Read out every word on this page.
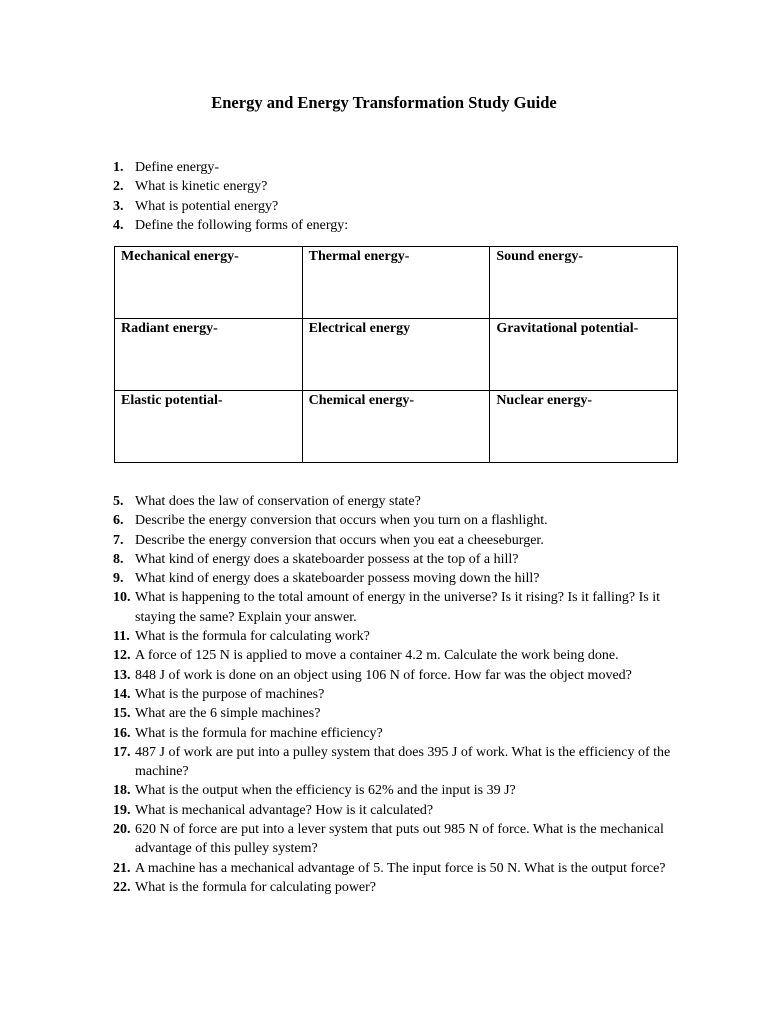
Energy and Energy Transformation Study Guide
1. Define energy-
2. What is kinetic energy?
3. What is potential energy?
4. Define the following forms of energy:
Mechanical energy-	Thermal energy-	Sound energy-
Radiant energy-	Electrical energy	Gravitational potential-
Elastic potential-	Chemical energy-	Nuclear energy-
5. What does the law of conservation of energy state?
6. Describe the energy conversion that occurs when you turn on a flashlight.
7. Describe the energy conversion that occurs when you eat a cheeseburger.
8. What kind of energy does a skateboarder possess at the top of a hill?
9. What kind of energy does a skateboarder possess moving down the hill?
10. What is happening to the total amount of energy in the universe? Is it rising? Is it falling? Is it staying the same? Explain your answer.
11. What is the formula for calculating work?
12. A force of 125 N is applied to move a container 4.2 m. Calculate the work being done.
13. 848 J of work is done on an object using 106 N of force. How far was the object moved?
14. What is the purpose of machines?
15. What are the 6 simple machines?
16. What is the formula for machine efficiency?
17. 487 J of work are put into a pulley system that does 395 J of work. What is the efficiency of the machine?
18. What is the output when the efficiency is 62% and the input is 39 J?
19. What is mechanical advantage? How is it calculated?
20. 620 N of force are put into a lever system that puts out 985 N of force. What is the mechanical advantage of this pulley system?
21. A machine has a mechanical advantage of 5. The input force is 50 N. What is the output force?
22. What is the formula for calculating power?
